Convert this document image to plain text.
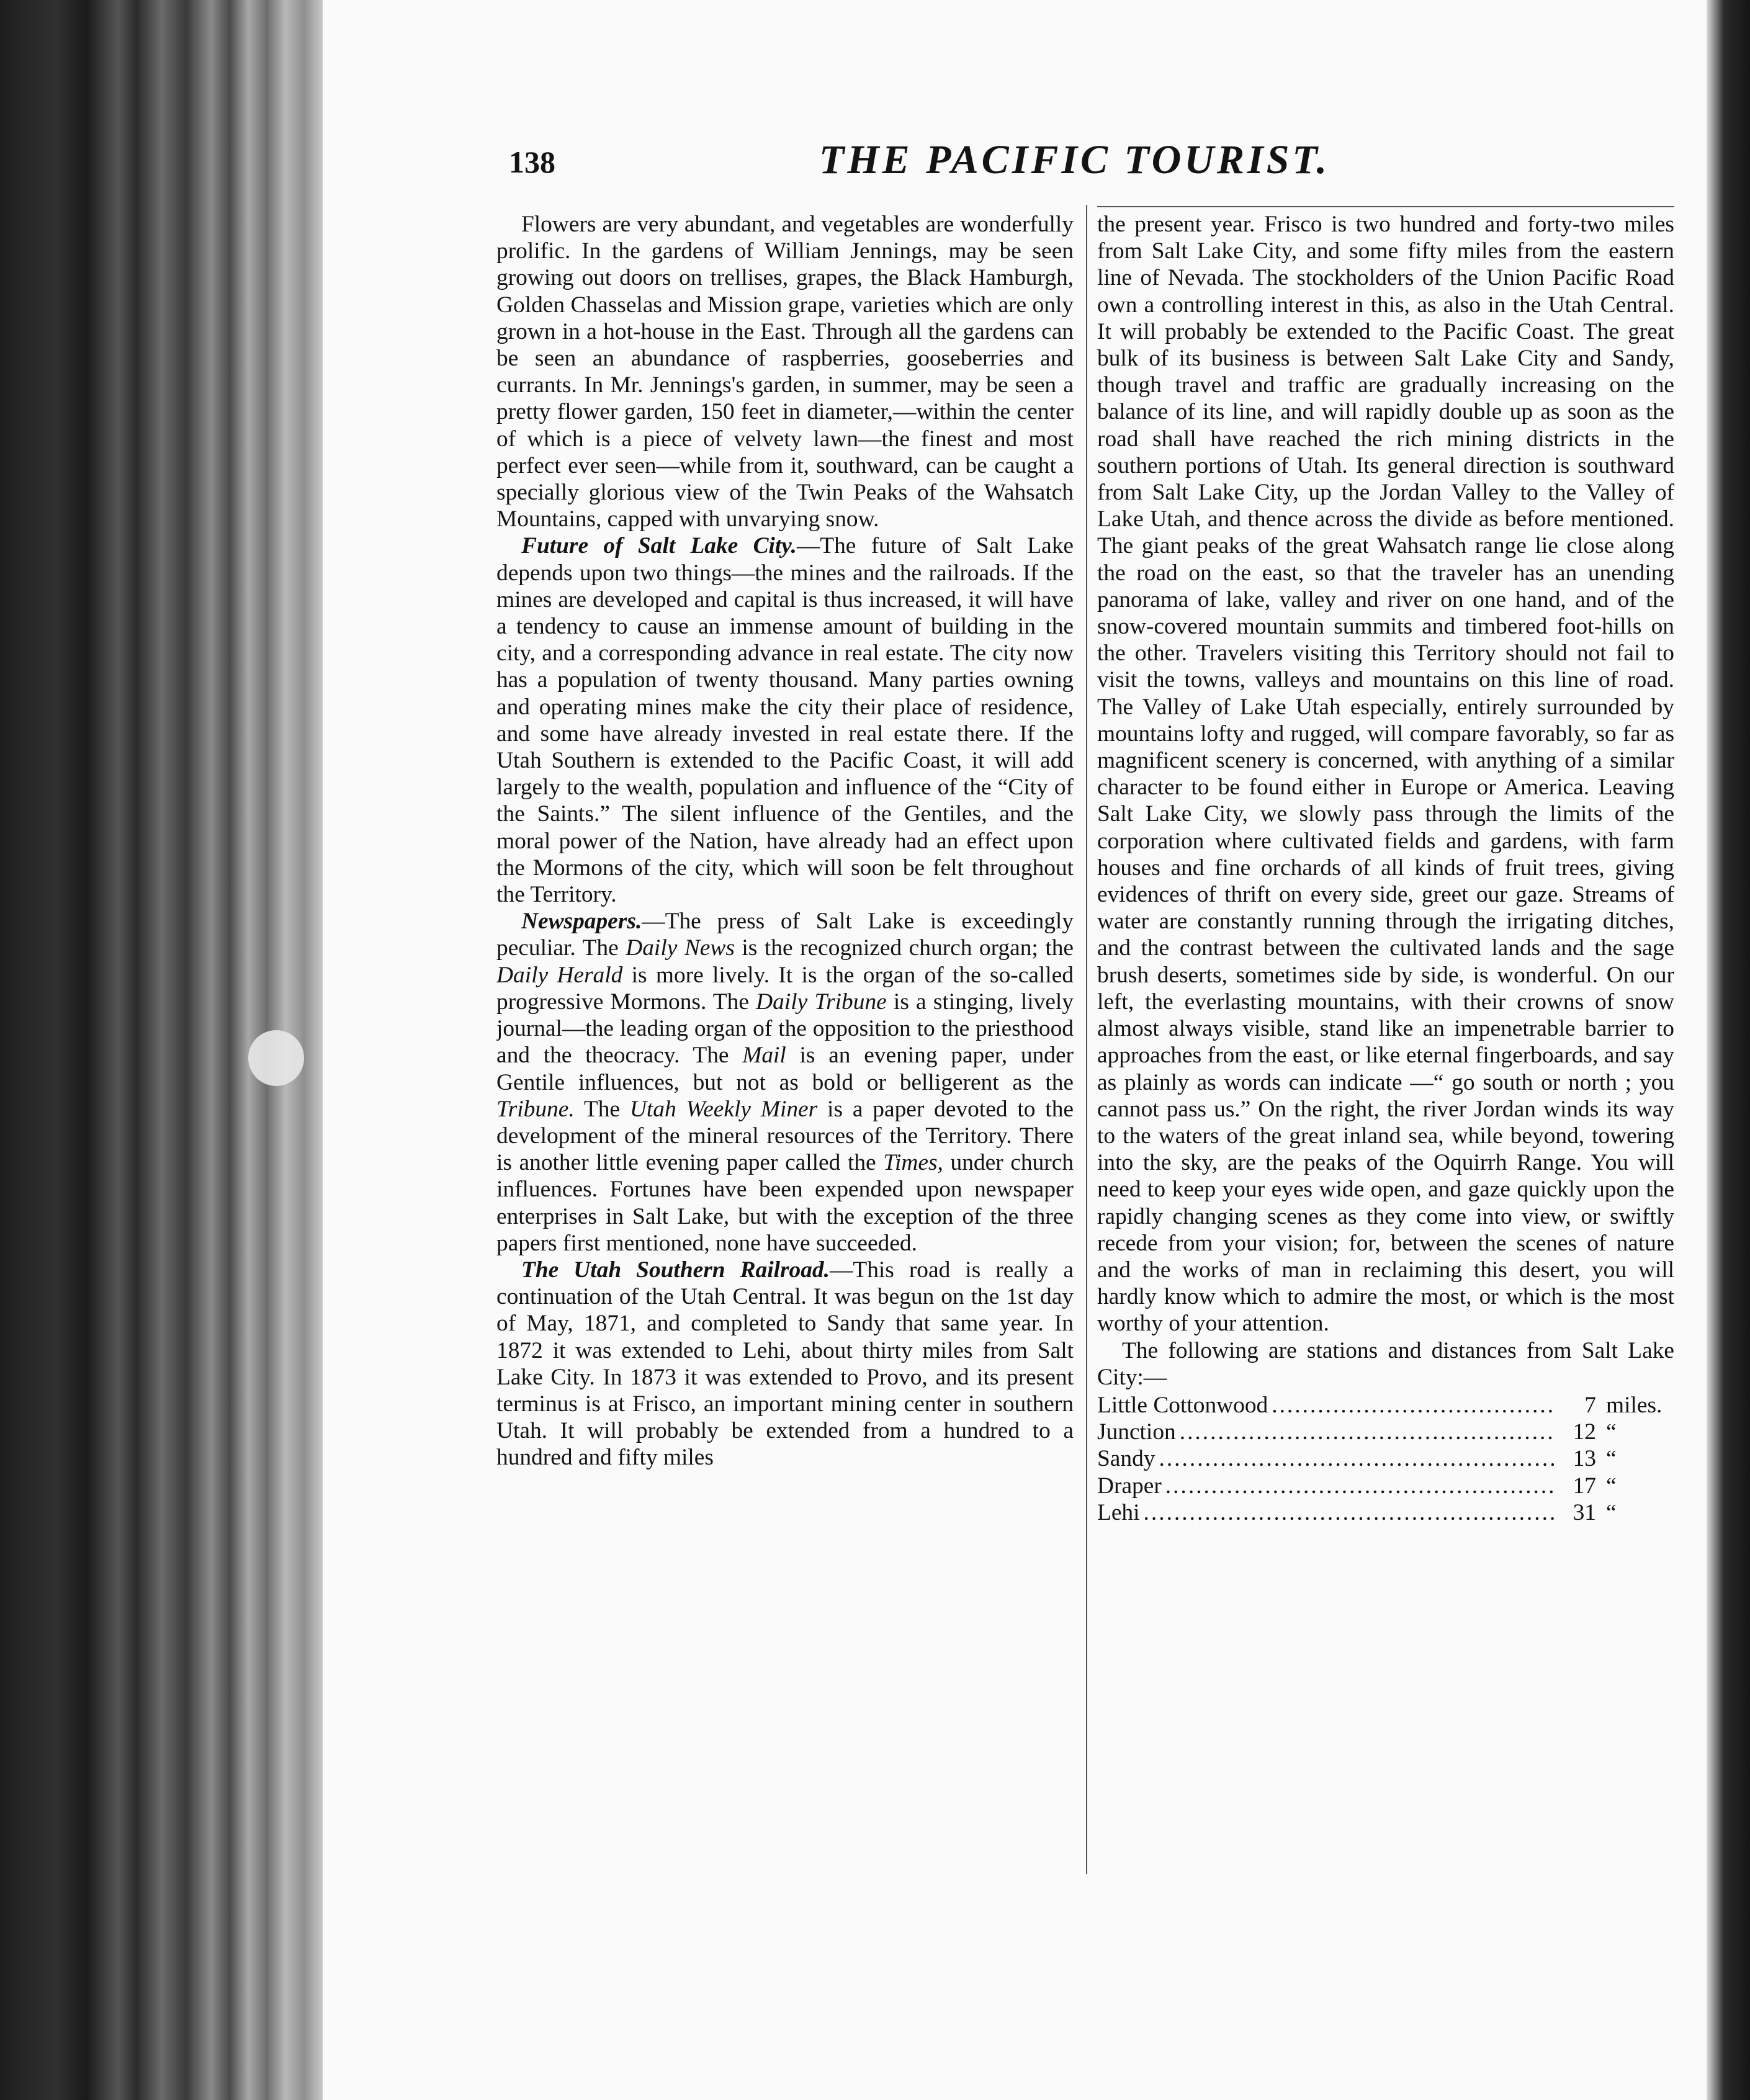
138	THE PACIFIC TOURIST.

Flowers are very abundant, and vegetables are wonderfully prolific. In the gardens of William Jennings, may be seen growing out doors on trellises, grapes, the Black Hamburgh, Golden Chasselas and Mission grape, varieties which are only grown in a hot-house in the East. Through all the gardens can be seen an abundance of raspberries, gooseberries and currants. In Mr. Jennings's garden, in summer, may be seen a pretty flower garden, 150 feet in diameter,—within the center of which is a piece of velvety lawn—the finest and most perfect ever seen—while from it, southward, can be caught a specially glorious view of the Twin Peaks of the Wahsatch Mountains, capped with unvarying snow.

Future of Salt Lake City.—The future of Salt Lake depends upon two things—the mines and the railroads. If the mines are developed and capital is thus increased, it will have a tendency to cause an immense amount of building in the city, and a corresponding advance in real estate. The city now has a population of twenty thousand. Many parties owning and operating mines make the city their place of residence, and some have already invested in real estate there. If the Utah Southern is extended to the Pacific Coast, it will add largely to the wealth, population and influence of the “City of the Saints.” The silent influence of the Gentiles, and the moral power of the Nation, have already had an effect upon the Mormons of the city, which will soon be felt throughout the Territory.

Newspapers.—The press of Salt Lake is exceedingly peculiar. The Daily News is the recognized church organ; the Daily Herald is more lively. It is the organ of the so-called progressive Mormons. The Daily Tribune is a stinging, lively journal—the leading organ of the opposition to the priesthood and the theocracy. The Mail is an evening paper, under Gentile influences, but not as bold or belligerent as the Tribune. The Utah Weekly Miner is a paper devoted to the development of the mineral resources of the Territory. There is another little evening paper called the Times, under church influences. Fortunes have been expended upon newspaper enterprises in Salt Lake, but with the exception of the three papers first mentioned, none have succeeded.

The Utah Southern Railroad.—This road is really a continuation of the Utah Central. It was begun on the 1st day of May, 1871, and completed to Sandy that same year. In 1872 it was extended to Lehi, about thirty miles from Salt Lake City. In 1873 it was extended to Provo, and its present terminus is at Frisco, an important mining center in southern Utah. It will probably be extended from a hundred to a hundred and fifty miles

the present year. Frisco is two hundred and forty-two miles from Salt Lake City, and some fifty miles from the eastern line of Nevada. The stockholders of the Union Pacific Road own a controlling interest in this, as also in the Utah Central. It will probably be extended to the Pacific Coast. The great bulk of its business is between Salt Lake City and Sandy, though travel and traffic are gradually increasing on the balance of its line, and will rapidly double up as soon as the road shall have reached the rich mining districts in the southern portions of Utah. Its general direction is southward from Salt Lake City, up the Jordan Valley to the Valley of Lake Utah, and thence across the divide as before mentioned. The giant peaks of the great Wahsatch range lie close along the road on the east, so that the traveler has an unending panorama of lake, valley and river on one hand, and of the snow-covered mountain summits and timbered foot-hills on the other. Travelers visiting this Territory should not fail to visit the towns, valleys and mountains on this line of road. The Valley of Lake Utah especially, entirely surrounded by mountains lofty and rugged, will compare favorably, so far as magnificent scenery is concerned, with anything of a similar character to be found either in Europe or America. Leaving Salt Lake City, we slowly pass through the limits of the corporation where cultivated fields and gardens, with farm houses and fine orchards of all kinds of fruit trees, giving evidences of thrift on every side, greet our gaze. Streams of water are constantly running through the irrigating ditches, and the contrast between the cultivated lands and the sage brush deserts, sometimes side by side, is wonderful. On our left, the everlasting mountains, with their crowns of snow almost always visible, stand like an impenetrable barrier to approaches from the east, or like eternal fingerboards, and say as plainly as words can indicate —“ go south or north ; you cannot pass us.” On the right, the river Jordan winds its way to the waters of the great inland sea, while beyond, towering into the sky, are the peaks of the Oquirrh Range. You will need to keep your eyes wide open, and gaze quickly upon the rapidly changing scenes as they come into view, or swiftly recede from your vision; for, between the scenes of nature and the works of man in reclaiming this desert, you will hardly know which to admire the most, or which is the most worthy of your attention.

The following are stations and distances from Salt Lake City:—

Little Cottonwood .....	7 miles.
Junction .....	12 “
Sandy .....	13 “
Draper .....	17 “
Lehi .....	31 “
